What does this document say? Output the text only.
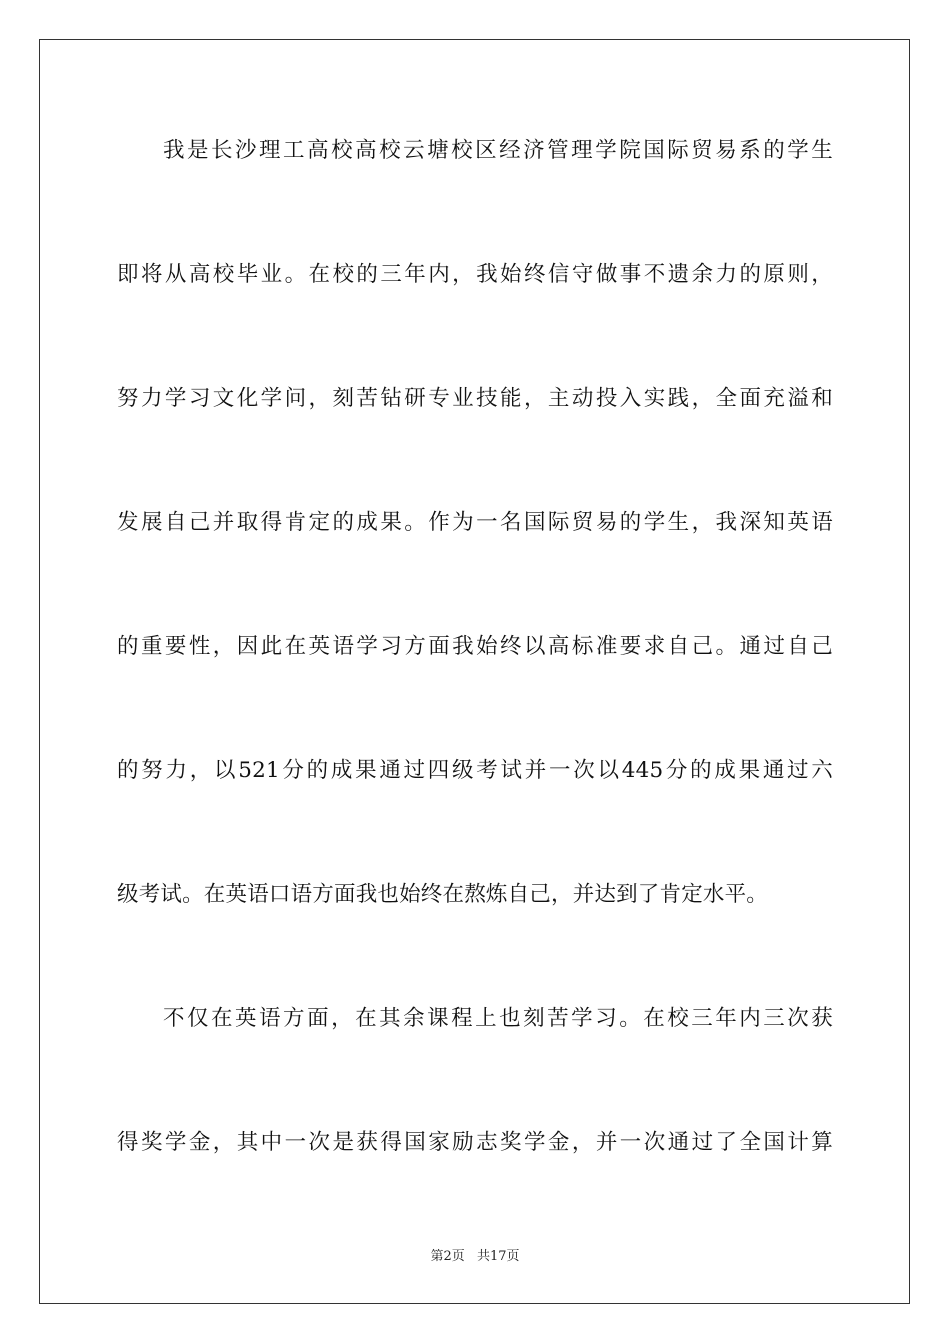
我是长沙理工高校高校云塘校区经济管理学院国际贸易系的学生
即将从高校毕业。在校的三年内，我始终信守做事不遗余力的原则，
努力学习文化学问，刻苦钻研专业技能，主动投入实践，全面充溢和
发展自己并取得肯定的成果。作为一名国际贸易的学生，我深知英语
的重要性，因此在英语学习方面我始终以高标准要求自己。通过自己
的努力，以521分的成果通过四级考试并一次以445分的成果通过六
级考试。在英语口语方面我也始终在熬炼自己，并达到了肯定水平。
不仅在英语方面，在其余课程上也刻苦学习。在校三年内三次获
得奖学金，其中一次是获得国家励志奖学金，并一次通过了全国计算
第2页 共17页
